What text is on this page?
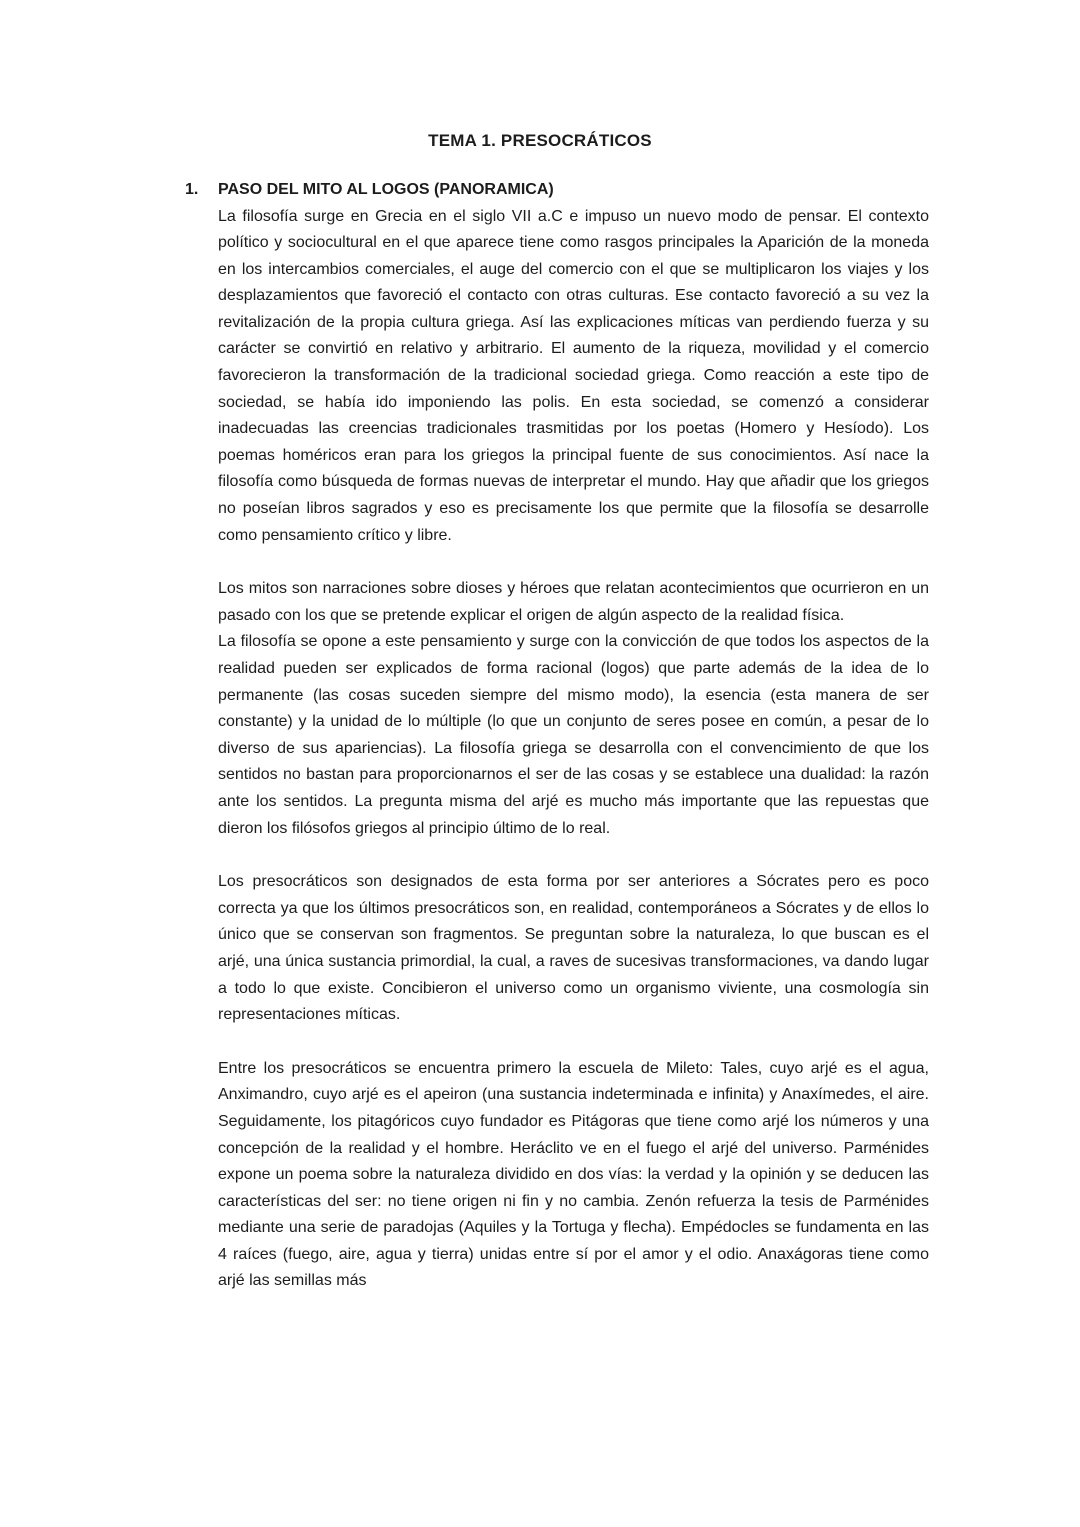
TEMA 1. PRESOCRÁTICOS
1.	PASO DEL MITO AL LOGOS (PANORAMICA)

La filosofía surge en Grecia en el siglo VII a.C e impuso un nuevo modo de pensar. El contexto político y sociocultural en el que aparece tiene como rasgos principales la Aparición de la moneda en los intercambios comerciales, el auge del comercio con el que se multiplicaron los viajes y los desplazamientos que favoreció el contacto con otras culturas. Ese contacto favoreció a su vez la revitalización de la propia cultura griega. Así las explicaciones míticas van perdiendo fuerza y su carácter se convirtió en relativo y arbitrario. El aumento de la riqueza, movilidad y el comercio favorecieron la transformación de la tradicional sociedad griega. Como reacción a este tipo de sociedad, se había ido imponiendo las polis. En esta sociedad, se comenzó a considerar inadecuadas las creencias tradicionales trasmitidas por los poetas (Homero y Hesíodo). Los poemas homéricos eran para los griegos la principal fuente de sus conocimientos. Así nace la filosofía como búsqueda de formas nuevas de interpretar el mundo. Hay que añadir que los griegos no poseían libros sagrados y eso es precisamente los que permite que la filosofía se desarrolle como pensamiento crítico y libre.

Los mitos son narraciones sobre dioses y héroes que relatan acontecimientos que ocurrieron en un pasado con los que se pretende explicar el origen de algún aspecto de la realidad física.

La filosofía se opone a este pensamiento y surge con la convicción de que todos los aspectos de la realidad pueden ser explicados de forma racional (logos) que parte además de la idea de lo permanente (las cosas suceden siempre del mismo modo), la esencia (esta manera de ser constante) y la unidad de lo múltiple (lo que un conjunto de seres posee en común, a pesar de lo diverso de sus apariencias). La filosofía griega se desarrolla con el convencimiento de que los sentidos no bastan para proporcionarnos el ser de las cosas y se establece una dualidad: la razón ante los sentidos. La pregunta misma del arjé es mucho más importante que las repuestas que dieron los filósofos griegos al principio último de lo real.

Los presocráticos son designados de esta forma por ser anteriores a Sócrates pero es poco correcta ya que los últimos presocráticos son, en realidad, contemporáneos a Sócrates y de ellos lo único que se conservan son fragmentos. Se preguntan sobre la naturaleza, lo que buscan es el arjé, una única sustancia primordial, la cual, a raves de sucesivas transformaciones, va dando lugar a todo lo que existe. Concibieron el universo como un organismo viviente, una cosmología sin representaciones míticas.

Entre los presocráticos se encuentra primero la escuela de Mileto: Tales, cuyo arjé es el agua, Anximandro, cuyo arjé es el apeiron (una sustancia indeterminada e infinita) y Anaxímedes, el aire. Seguidamente, los pitagóricos cuyo fundador es Pitágoras que tiene como arjé los números y una concepción de la realidad y el hombre. Heráclito ve en el fuego el arjé del universo. Parménides expone un poema sobre la naturaleza dividido en dos vías: la verdad y la opinión y se deducen las características del ser: no tiene origen ni fin y no cambia. Zenón refuerza la tesis de Parménides mediante una serie de paradojas (Aquiles y la Tortuga y flecha). Empédocles se fundamenta en las 4 raíces (fuego, aire, agua y tierra) unidas entre sí por el amor y el odio. Anaxágoras tiene como arjé las semillas más
